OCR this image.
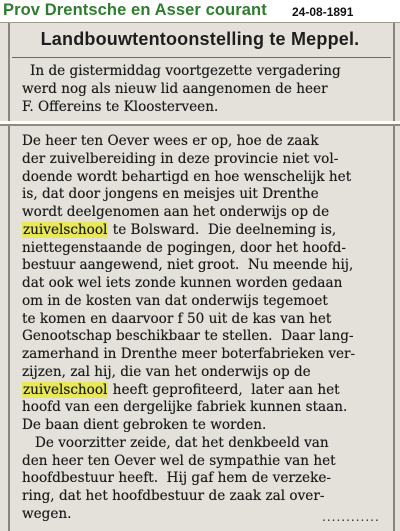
Prov Drentsche en Asser courant 24-08-1891
Landbouwtentoonstelling te Meppel.
In de gistermiddag voortgezette vergadering
werd nog als nieuw lid aangenomen de heer
F. Offereins te Kloosterveen.
De heer ten Oever wees er op, hoe de zaak
der zuivelbereiding in deze provincie niet vol-
doende wordt behartigd en hoe wenschelijk het
is, dat door jongens en meisjes uit Drenthe
wordt deelgenomen aan het onderwijs op de
zuivelschool te Bolsward.  Die deelneming is,
niettegenstaande de pogingen, door het hoofd-
bestuur aangewend, niet groot.  Nu meende hij,
dat ook wel iets zonde kunnen worden gedaan
om in de kosten van dat onderwijs tegemoet
te komen en daarvoor f 50 uit de kas van het
Genootschap beschikbaar te stellen.  Daar lang-
zamerhand in Drenthe meer boterfabrieken ver-
zijzen, zal hij, die van het onderwijs op de
zuivelschool heeft geprofiteerd,  later aan het
hoofd van een dergelijke fabriek kunnen staan.
De baan dient gebroken te worden.
De voorzitter zeide, dat het denkbeeld van
den heer ten Oever wel de sympathie van het
hoofdbestuur heeft.  Hij gaf hem de verzeke-
ring, dat het hoofdbestuur de zaak zal over-
wegen.	............
